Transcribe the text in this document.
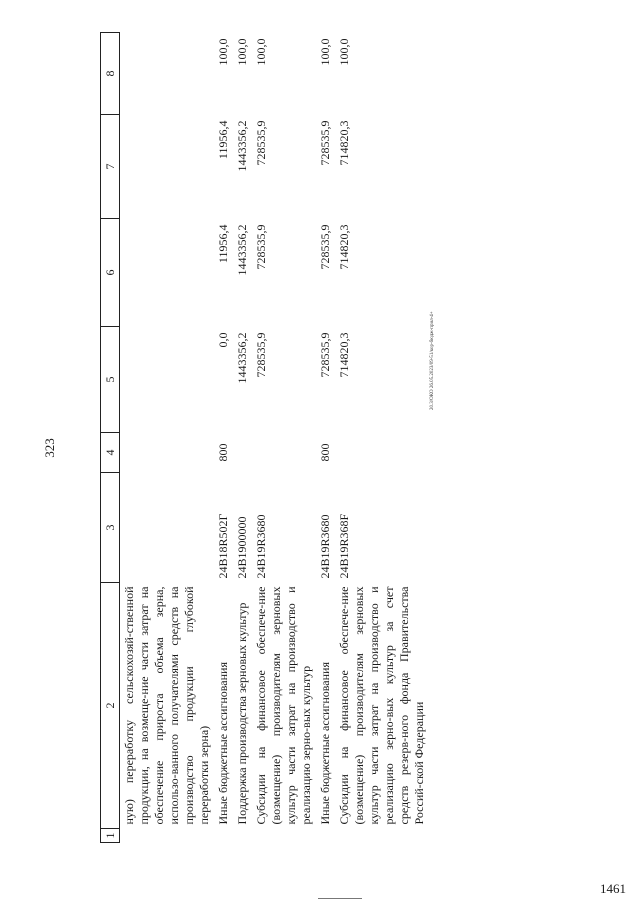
323
20.3/ОКО 26.05.2023/09-51/кор-бюдж-прил-4+
1461
1	2	3	4	5	6	7	8
	ную) переработку сельскохозяй-ственной продукции, на возмеще-ние части затрат на обеспечение прироста объема зерна, использо-ванного получателями средств на производство продукции глубокой переработки зерна)						
	Иные бюджетные ассигнования	24В18R502Г	800	0,0	11956,4	11956,4	100,0
	Поддержка производства зерновых культур	24В1900000		1443356,2	1443356,2	1443356,2	100,0
	Субсидии на финансовое обеспече-ние (возмещение) производителям зерновых культур части затрат на производство и реализацию зерно-вых культур	24В19R3680		728535,9	728535,9	728535,9	100,0
	Иные бюджетные ассигнования	24В19R3680	800	728535,9	728535,9	728535,9	100,0
	Субсидии на финансовое обеспече-ние (возмещение) производителям зерновых культур части затрат на производство и реализацию зерно-вых культур за счет средств резерв-ного фонда Правительства Россий-ской Федерации	24В19R368F		714820,3	714820,3	714820,3	100,0
